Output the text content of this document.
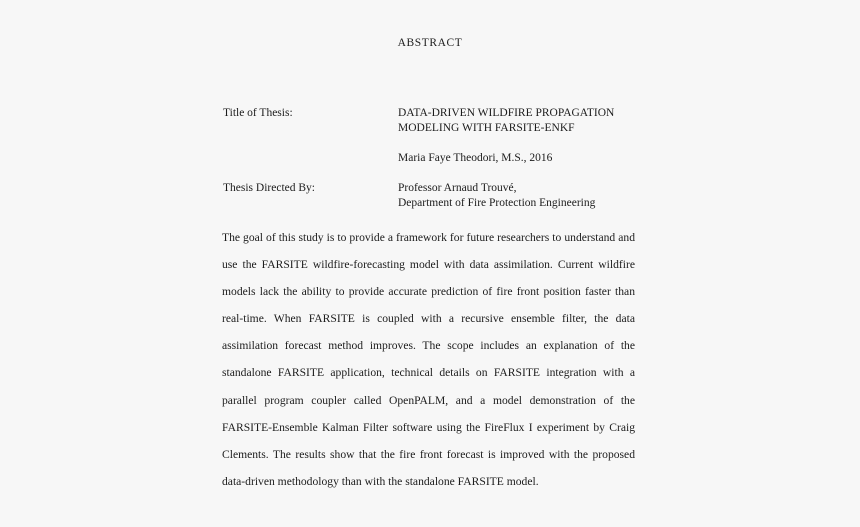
ABSTRACT
Title of Thesis:	DATA-DRIVEN WILDFIRE PROPAGATION
MODELING WITH FARSITE-ENKF
Maria Faye Theodori, M.S., 2016
Thesis Directed By:	Professor Arnaud Trouvé,
Department of Fire Protection Engineering
The goal of this study is to provide a framework for future researchers to understand and use the FARSITE wildfire-forecasting model with data assimilation. Current wildfire models lack the ability to provide accurate prediction of fire front position faster than real-time. When FARSITE is coupled with a recursive ensemble filter, the data assimilation forecast method improves. The scope includes an explanation of the standalone FARSITE application, technical details on FARSITE integration with a parallel program coupler called OpenPALM, and a model demonstration of the FARSITE-Ensemble Kalman Filter software using the FireFlux I experiment by Craig Clements. The results show that the fire front forecast is improved with the proposed data-driven methodology than with the standalone FARSITE model.
